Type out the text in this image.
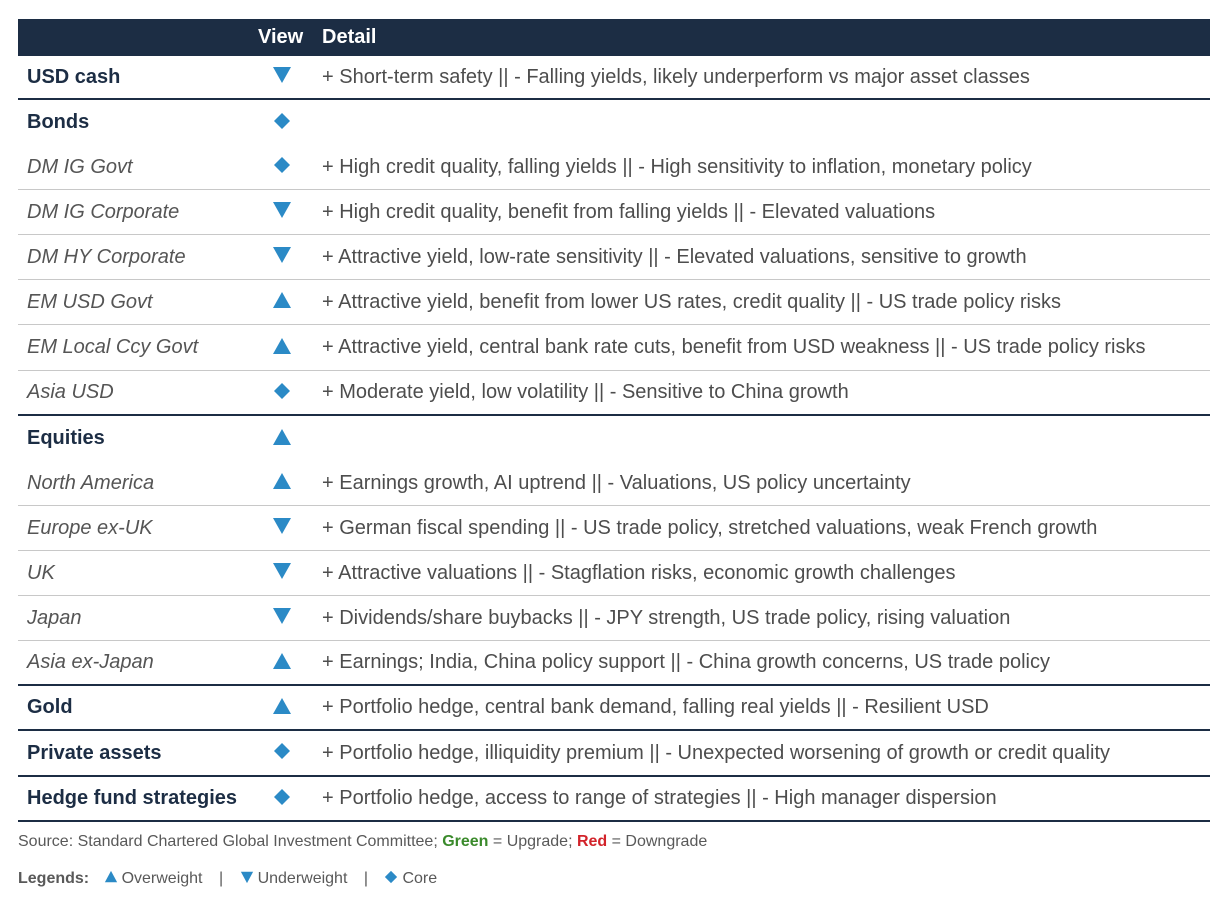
View Detail
USD cash	+ Short-term safety || - Falling yields, likely underperform vs major asset classes
Bonds
DM IG Govt	+ High credit quality, falling yields || - High sensitivity to inflation, monetary policy
DM IG Corporate	+ High credit quality, benefit from falling yields || - Elevated valuations
DM HY Corporate	+ Attractive yield, low-rate sensitivity || - Elevated valuations, sensitive to growth
EM USD Govt	+ Attractive yield, benefit from lower US rates, credit quality || - US trade policy risks
EM Local Ccy Govt	+ Attractive yield, central bank rate cuts, benefit from USD weakness || - US trade policy risks
Asia USD	+ Moderate yield, low volatility || - Sensitive to China growth
Equities
North America	+ Earnings growth, AI uptrend || - Valuations, US policy uncertainty
Europe ex-UK	+ German fiscal spending || - US trade policy, stretched valuations, weak French growth
UK	+ Attractive valuations || - Stagflation risks, economic growth challenges
Japan	+ Dividends/share buybacks || - JPY strength, US trade policy, rising valuation
Asia ex-Japan	+ Earnings; India, China policy support || - China growth concerns, US trade policy
Gold	+ Portfolio hedge, central bank demand, falling real yields || - Resilient USD
Private assets	+ Portfolio hedge, illiquidity premium || - Unexpected worsening of growth or credit quality
Hedge fund strategies	+ Portfolio hedge, access to range of strategies || - High manager dispersion
Source: Standard Chartered Global Investment Committee; Green = Upgrade; Red = Downgrade
Legends: Overweight | Underweight | Core
